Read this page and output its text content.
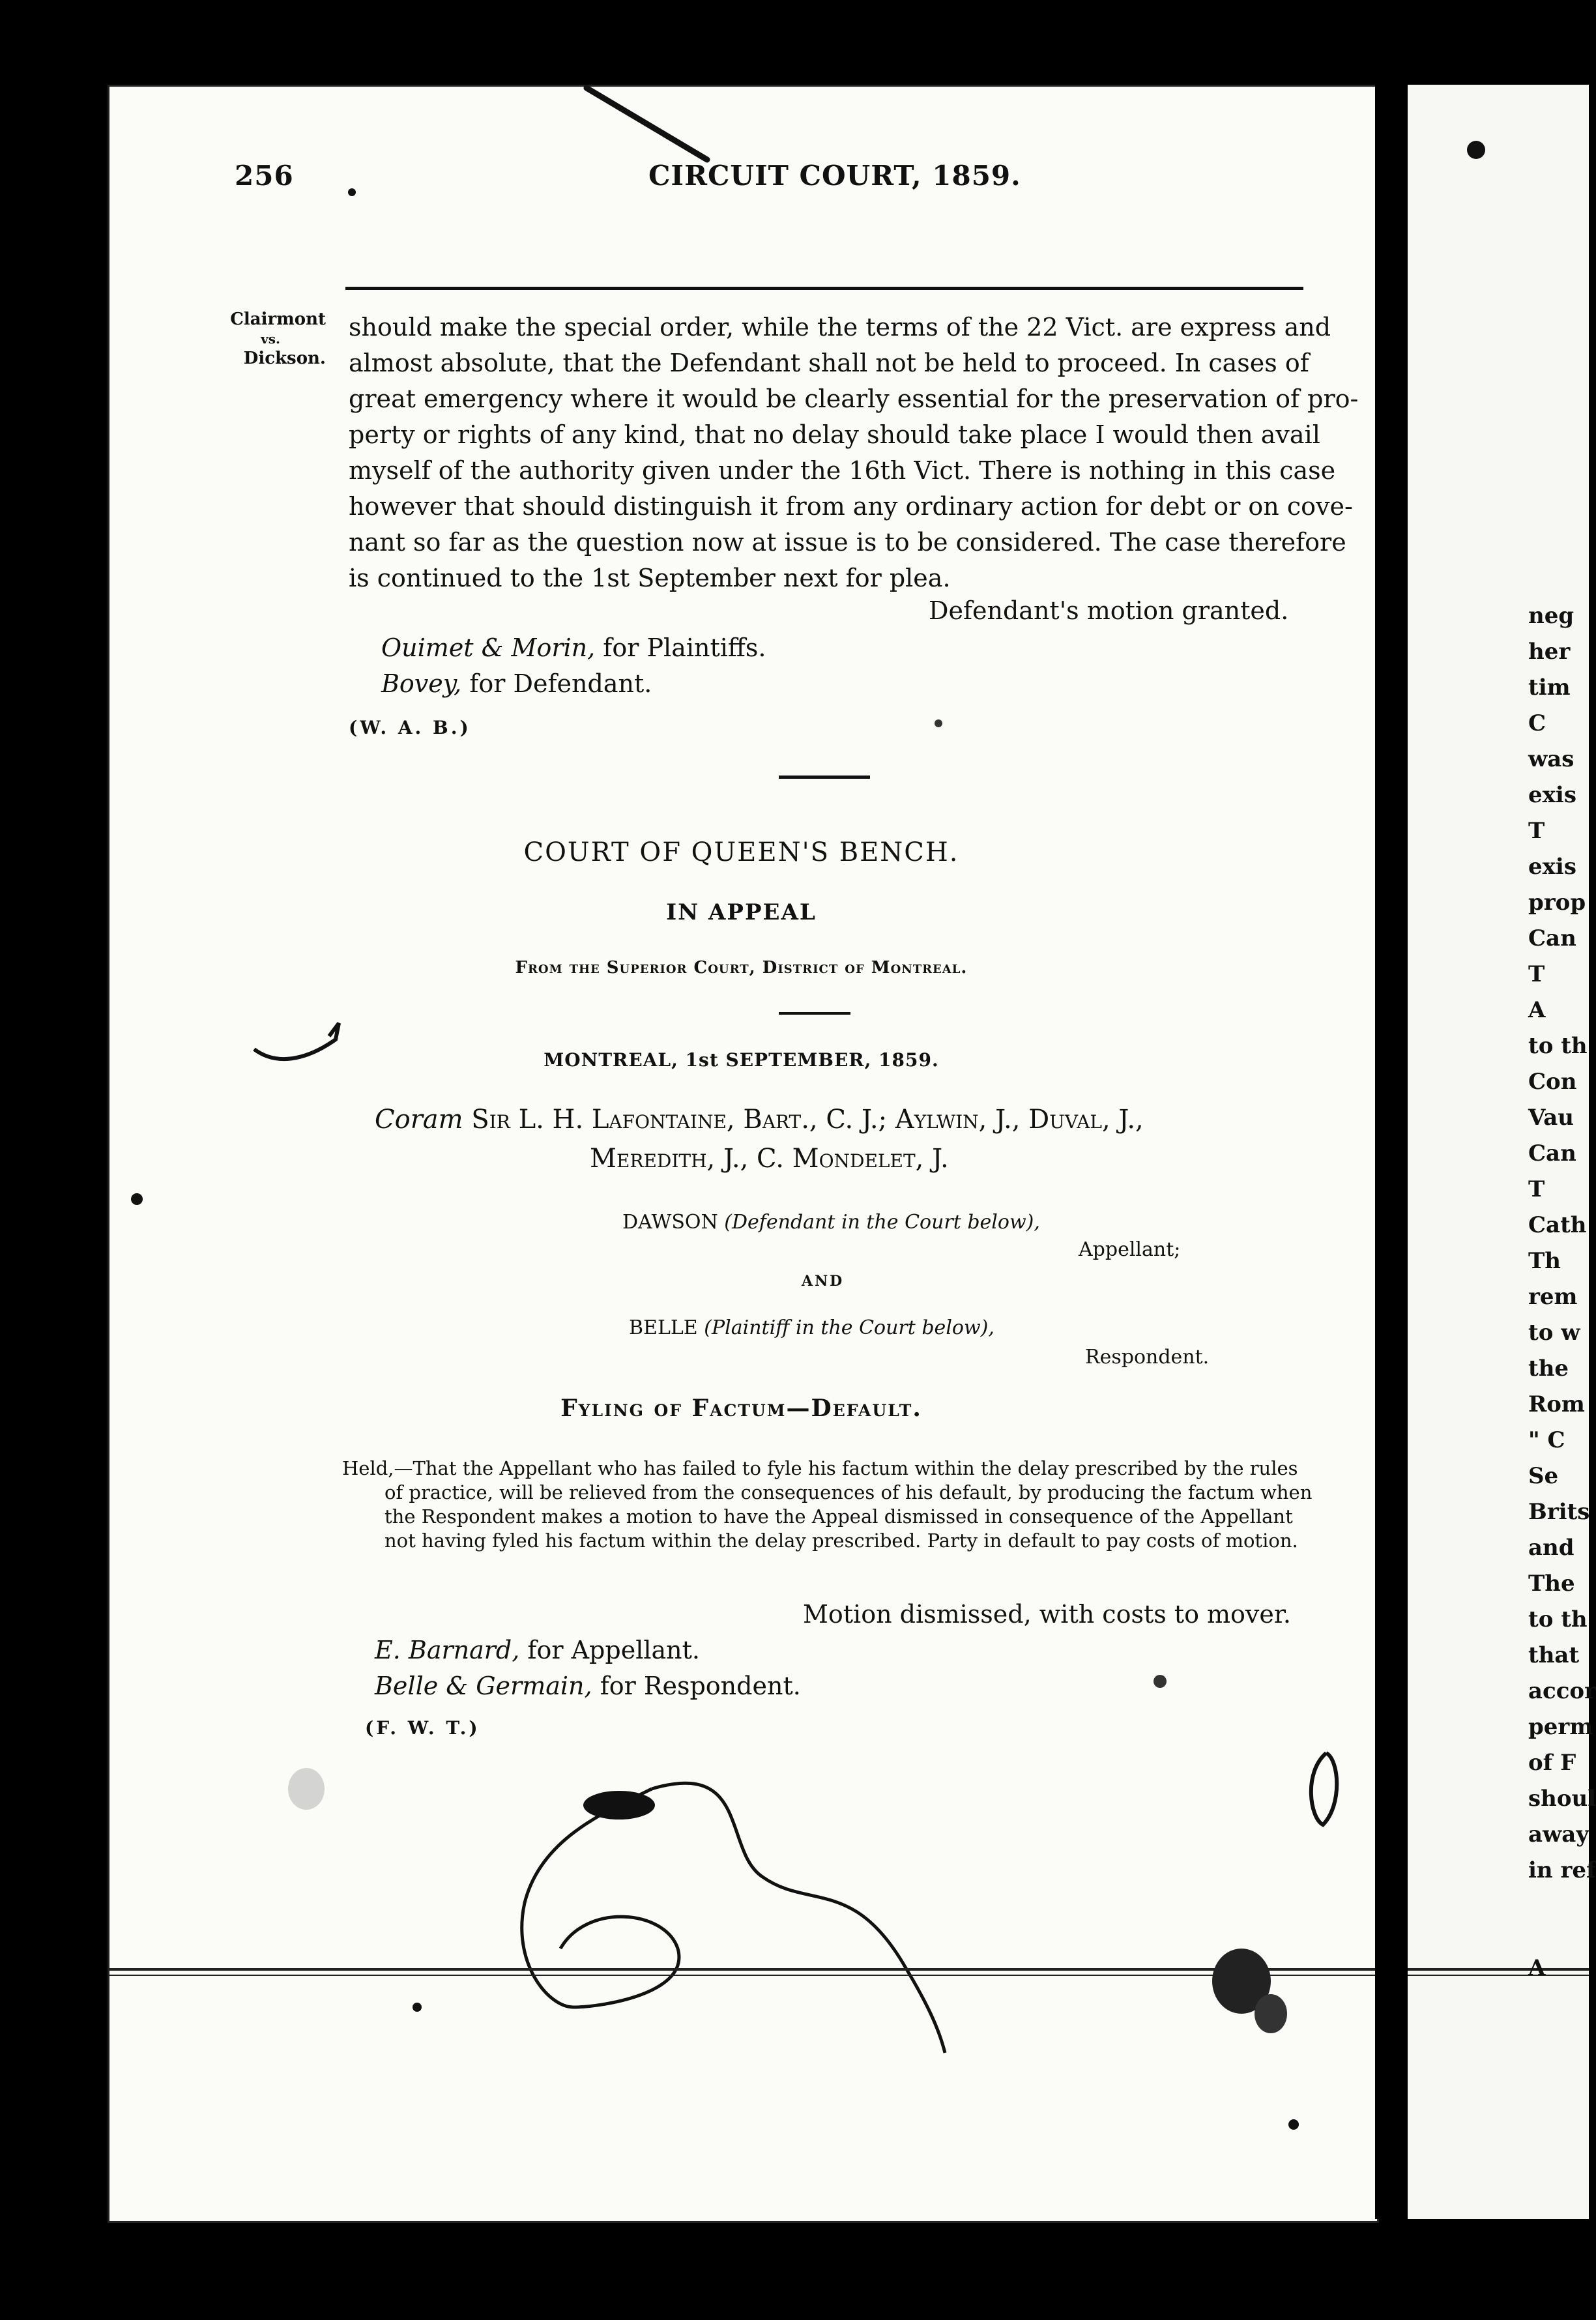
256	CIRCUIT COURT, 1859.
Clairmont
vs.
Dickson.
should make the special order, while the terms of the 22 Vict. are express and
almost absolute, that the Defendant shall not be held to proceed. In cases of
great emergency where it would be clearly essential for the preservation of pro-
perty or rights of any kind, that no delay should take place I would then avail
myself of the authority given under the 16th Vict. There is nothing in this case
however that should distinguish it from any ordinary action for debt or on cove-
nant so far as the question now at issue is to be considered. The case therefore
is continued to the 1st September next for plea.
Defendant's motion granted.
Ouimet & Morin, for Plaintiffs.
Bovey, for Defendant.
(W. A. B.)
COURT OF QUEEN'S BENCH.
IN APPEAL
From the Superior Court, District of Montreal.
MONTREAL, 1st SEPTEMBER, 1859.
Coram Sir L. H. Lafontaine, Bart., C. J.; Aylwin, J., Duval, J.,
Meredith, J., C. Mondelet, J.
DAWSON (Defendant in the Court below),
Appellant;
AND
BELLE (Plaintiff in the Court below),
Respondent.
Fyling of Factum—Default.
Held,—That the Appellant who has failed to fyle his factum within the delay prescribed by the rules
of practice, will be relieved from the consequences of his default, by producing the factum when
the Respondent makes a motion to have the Appeal dismissed in consequence of the Appellant
not having fyled his factum within the delay prescribed. Party in default to pay costs of motion.
Motion dismissed, with costs to mover.
E. Barnard, for Appellant.
Belle & Germain, for Respondent.
(F. W. T.)
neg
her
tim
C
was
exis
T
exis
prop
Can
T
A
to th
Con
Vau
Can
T
Cath
Th
rem
to w
the
Rom
" C
Se
Brits
and
The
to th
that
accor
perm
of F
shoul
away
in ref
A
